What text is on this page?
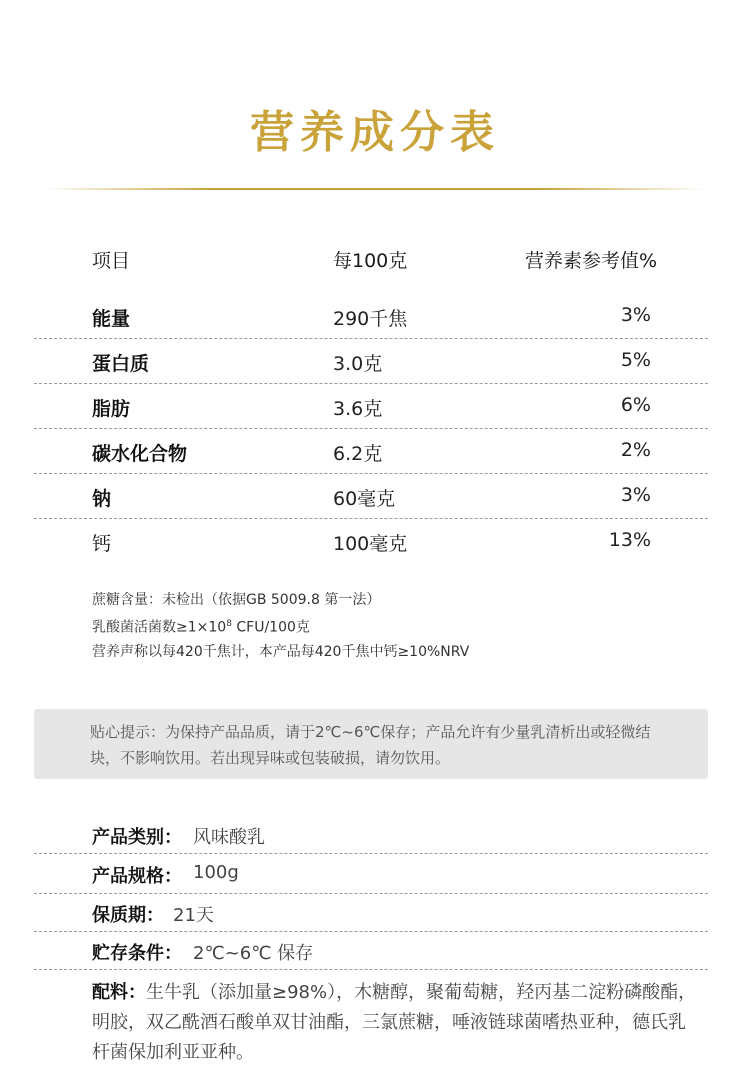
营养成分表
项目	每100克	营养素参考值%
能量	290千焦	3%
蛋白质	3.0克	5%
脂肪	3.6克	6%
碳水化合物	6.2克	2%
钠	60毫克	3%
钙	100毫克	13%
蔗糖含量：未检出（依据GB 5009.8 第一法）
乳酸菌活菌数$\ge 1\times 10^8$ CFU/100克
营养声称以每420千焦计，本产品每420千焦中钙≥10%NRV

贴心提示：为保持产品品质，请于2℃~6℃保存；产品允许有少量乳清析出或轻微结块，不影响饮用。若出现异味或包装破损，请勿饮用。

产品类别： 风味酸乳
产品规格： 100g
保质期： 21天
贮存条件： 2℃~6℃ 保存
配料：生牛乳（添加量≥98%），木糖醇，聚葡萄糖，羟丙基二淀粉磷酸酯，明胶，双乙酰酒石酸单双甘油酯，三氯蔗糖，唾液链球菌嗜热亚种，德氏乳杆菌保加利亚亚种。
